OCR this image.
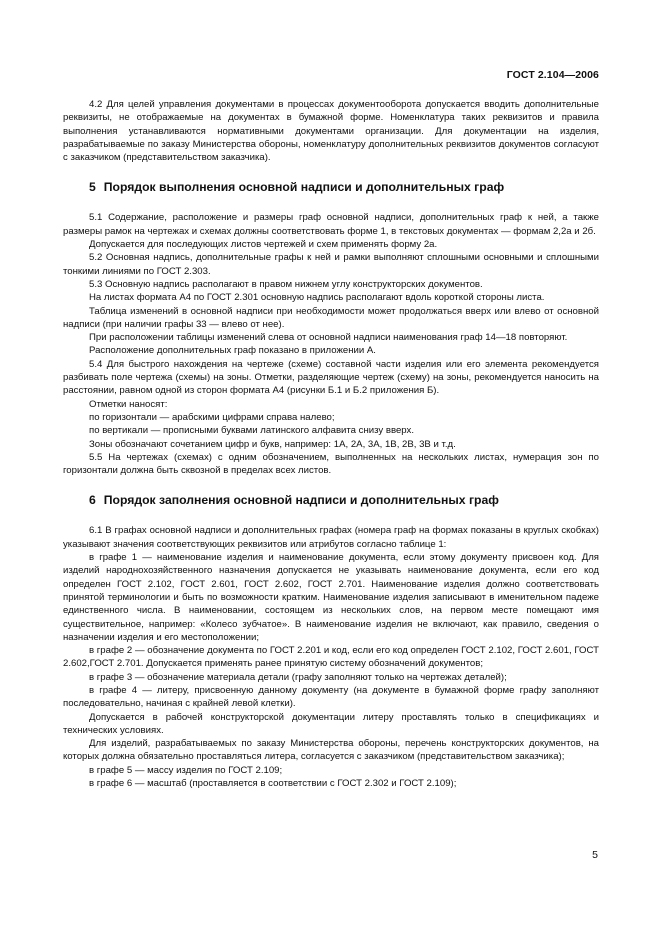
ГОСТ 2.104—2006

4.2 Для целей управления документами в процессах документооборота допускается вводить дополнительные реквизиты, не отображаемые на документах в бумажной форме. Номенклатура таких реквизитов и правила выполнения устанавливаются нормативными документами организации. Для документации на изделия, разрабатываемые по заказу Министерства обороны, номенклатуру дополнительных реквизитов документов согласуют с заказчиком (представительством заказчика).

5 Порядок выполнения основной надписи и дополнительных граф

5.1 Содержание, расположение и размеры граф основной надписи, дополнительных граф к ней, а также размеры рамок на чертежах и схемах должны соответствовать форме 1, в текстовых документах — формам 2,2а и 2б.

Допускается для последующих листов чертежей и схем применять форму 2а.

5.2 Основная надпись, дополнительные графы к ней и рамки выполняют сплошными основными и сплошными тонкими линиями по ГОСТ 2.303.

5.3 Основную надпись располагают в правом нижнем углу конструкторских документов.

На листах формата А4 по ГОСТ 2.301 основную надпись располагают вдоль короткой стороны листа.

Таблица изменений в основной надписи при необходимости может продолжаться вверх или влево от основной надписи (при наличии графы 33 — влево от нее).

При расположении таблицы изменений слева от основной надписи наименования граф 14—18 повторяют.

Расположение дополнительных граф показано в приложении А.

5.4 Для быстрого нахождения на чертеже (схеме) составной части изделия или его элемента рекомендуется разбивать поле чертежа (схемы) на зоны. Отметки, разделяющие чертеж (схему) на зоны, рекомендуется наносить на расстоянии, равном одной из сторон формата А4 (рисунки Б.1 и Б.2 приложения Б).

Отметки наносят:

по горизонтали — арабскими цифрами справа налево;

по вертикали — прописными буквами латинского алфавита снизу вверх.

Зоны обозначают сочетанием цифр и букв, например: 1А, 2А, 3А, 1В, 2В, 3В и т.д.

5.5 На чертежах (схемах) с одним обозначением, выполненных на нескольких листах, нумерация зон по горизонтали должна быть сквозной в пределах всех листов.

6 Порядок заполнения основной надписи и дополнительных граф

6.1 В графах основной надписи и дополнительных графах (номера граф на формах показаны в круглых скобках) указывают значения соответствующих реквизитов или атрибутов согласно таблице 1:

в графе 1 — наименование изделия и наименование документа, если этому документу присвоен код. Для изделий народнохозяйственного назначения допускается не указывать наименование документа, если его код определен ГОСТ 2.102, ГОСТ 2.601, ГОСТ 2.602, ГОСТ 2.701. Наименование изделия должно соответствовать принятой терминологии и быть по возможности кратким. Наименование изделия записывают в именительном падеже единственного числа. В наименовании, состоящем из нескольких слов, на первом месте помещают имя существительное, например: «Колесо зубчатое». В наименование изделия не включают, как правило, сведения о назначении изделия и его местоположении;

в графе 2 — обозначение документа по ГОСТ 2.201 и код, если его код определен ГОСТ 2.102, ГОСТ 2.601, ГОСТ 2.602,ГОСТ 2.701. Допускается применять ранее принятую систему обозначений документов;

в графе 3 — обозначение материала детали (графу заполняют только на чертежах деталей);

в графе 4 — литеру, присвоенную данному документу (на документе в бумажной форме графу заполняют последовательно, начиная с крайней левой клетки).

Допускается в рабочей конструкторской документации литеру проставлять только в спецификациях и технических условиях.

Для изделий, разрабатываемых по заказу Министерства обороны, перечень конструкторских документов, на которых должна обязательно проставляться литера, согласуется с заказчиком (представительством заказчика);

в графе 5 — массу изделия по ГОСТ 2.109;

в графе 6 — масштаб (проставляется в соответствии с ГОСТ 2.302 и ГОСТ 2.109);

5
